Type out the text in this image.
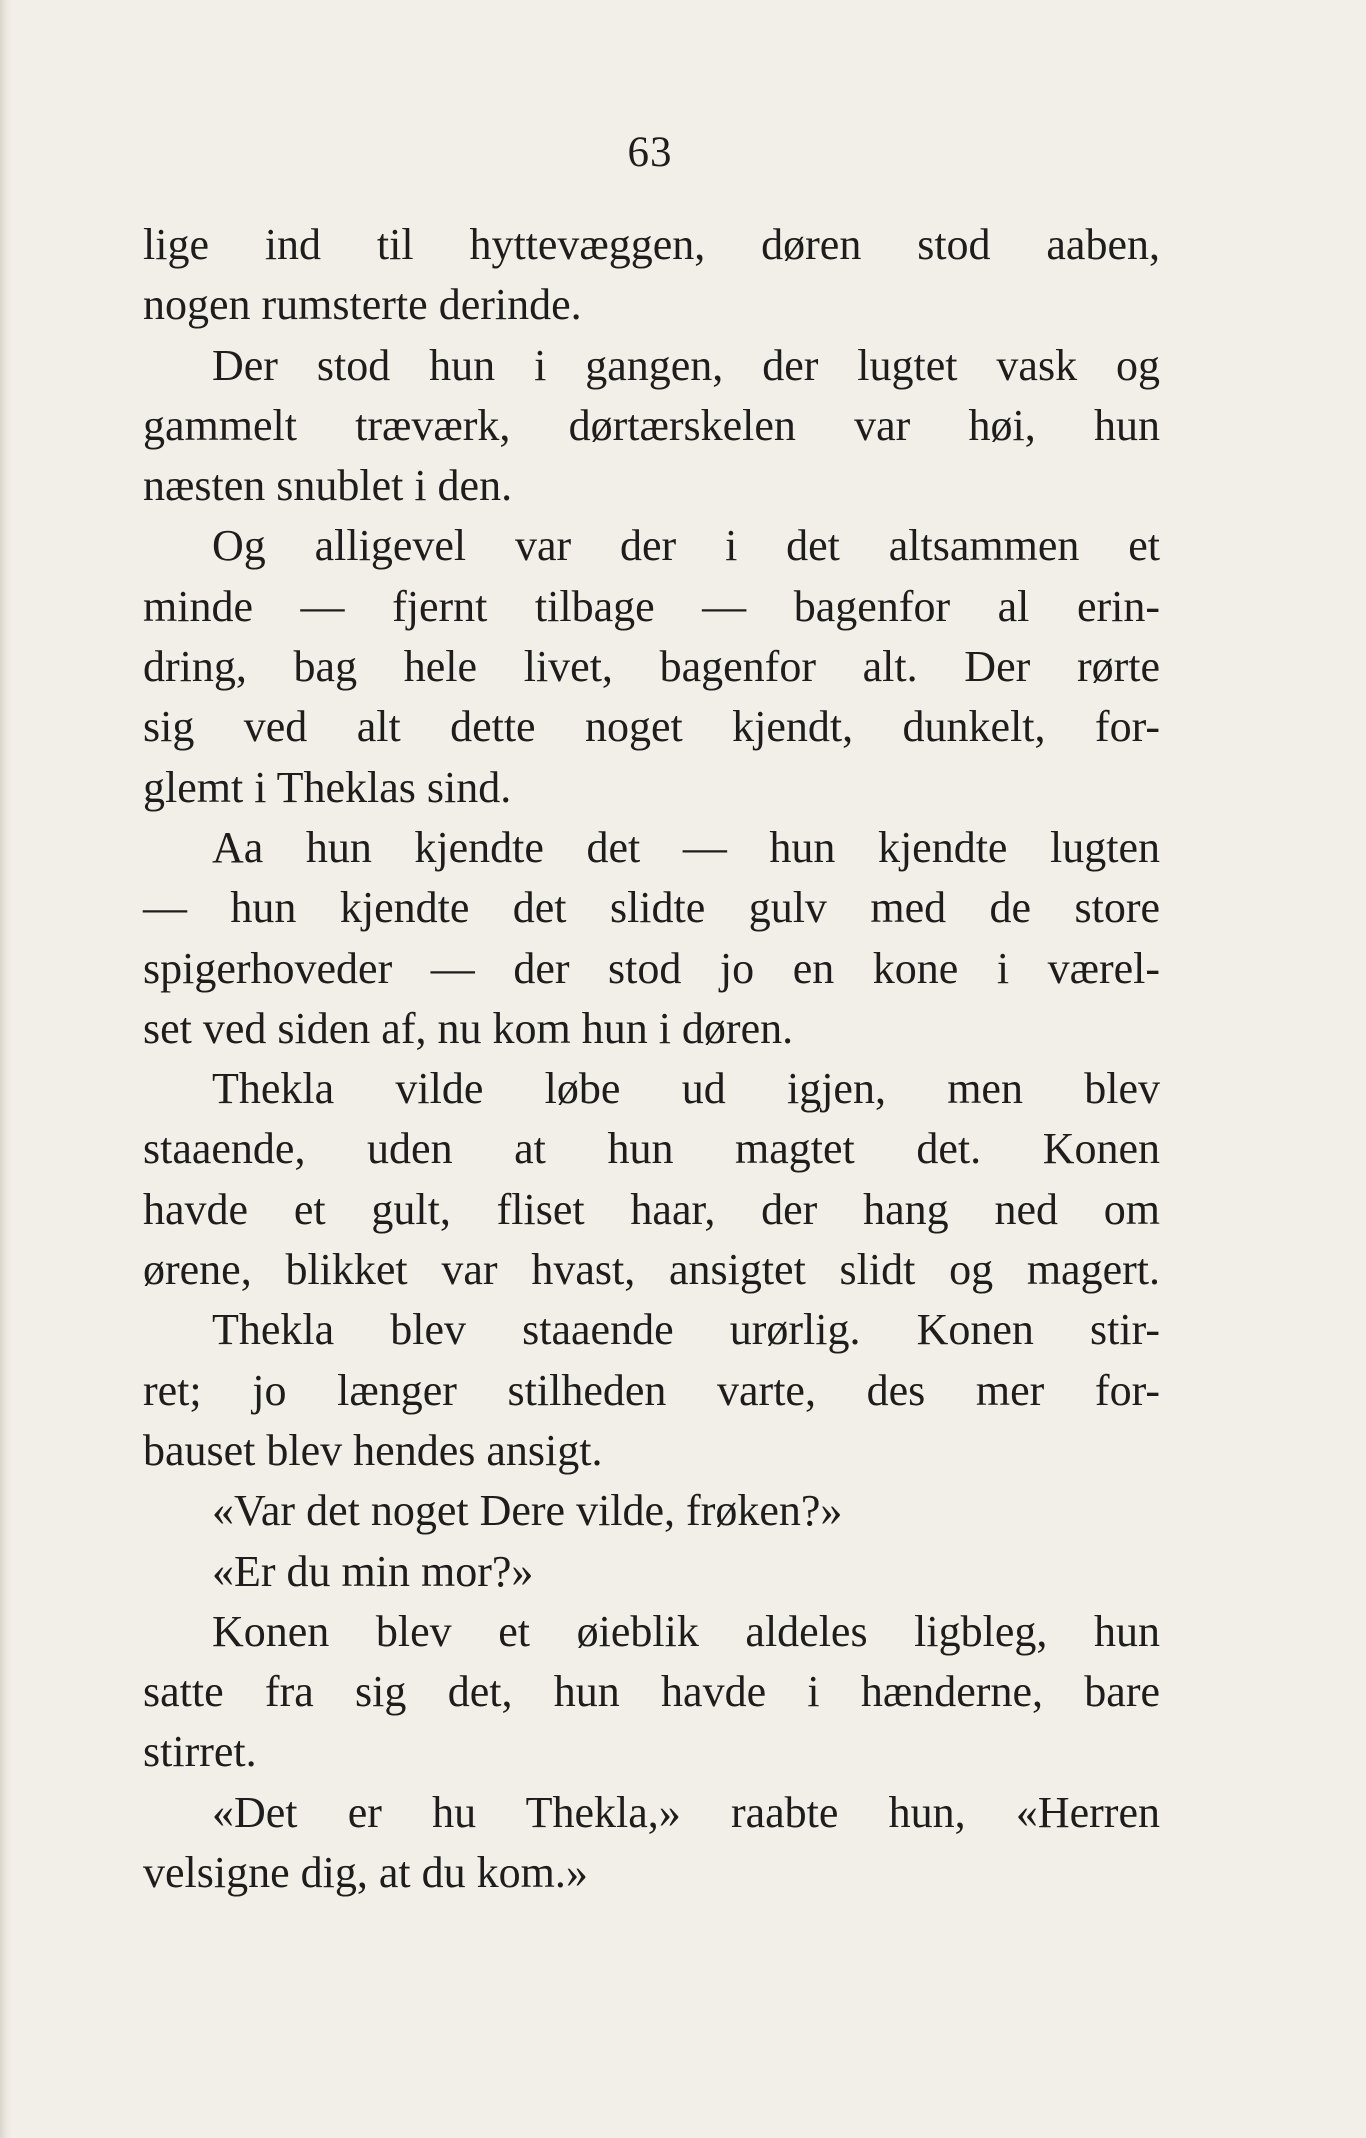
63
lige ind til hyttevæggen, døren stod aaben,
nogen rumsterte derinde.
Der stod hun i gangen, der lugtet vask og
gammelt træværk, dørtærskelen var høi, hun
næsten snublet i den.
Og alligevel var der i det altsammen et
minde — fjernt tilbage — bagenfor al erin-
dring, bag hele livet, bagenfor alt. Der rørte
sig ved alt dette noget kjendt, dunkelt, for-
glemt i Theklas sind.
Aa hun kjendte det — hun kjendte lugten
— hun kjendte det slidte gulv med de store
spigerhoveder — der stod jo en kone i værel-
set ved siden af, nu kom hun i døren.
Thekla vilde løbe ud igjen, men blev
staaende, uden at hun magtet det. Konen
havde et gult, fliset haar, der hang ned om
ørene, blikket var hvast, ansigtet slidt og magert.
Thekla blev staaende urørlig. Konen stir-
ret; jo længer stilheden varte, des mer for-
bauset blev hendes ansigt.
«Var det noget Dere vilde, frøken?»
«Er du min mor?»
Konen blev et øieblik aldeles ligbleg, hun
satte fra sig det, hun havde i hænderne, bare
stirret.
«Det er hu Thekla,» raabte hun, «Herren
velsigne dig, at du kom.»
